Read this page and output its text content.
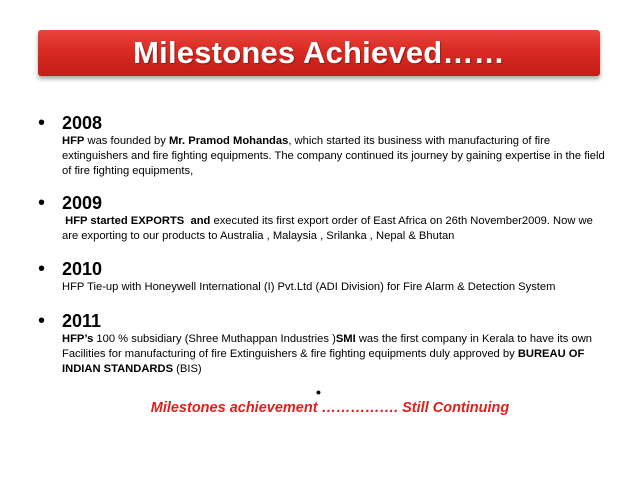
Milestones Achieved……
• 2008
HFP was founded by Mr. Pramod Mohandas, which started its business with manufacturing of fire extinguishers and fire fighting equipments. The company continued its journey by gaining expertise in the field of fire fighting equipments,
• 2009
HFP started EXPORTS  and executed its first export order of East Africa on 26th November2009. Now we are exporting to our products to Australia , Malaysia , Srilanka , Nepal & Bhutan
• 2010
HFP Tie-up with Honeywell International (I) Pvt.Ltd (ADI Division) for Fire Alarm & Detection System
• 2011
HFP’s 100 % subsidiary (Shree Muthappan Industries )SMI was the first company in Kerala to have its own Facilities for manufacturing of fire Extinguishers & fire fighting equipments duly approved by BUREAU OF INDIAN STANDARDS (BIS)
•
Milestones achievement ……………. Still Continuing
